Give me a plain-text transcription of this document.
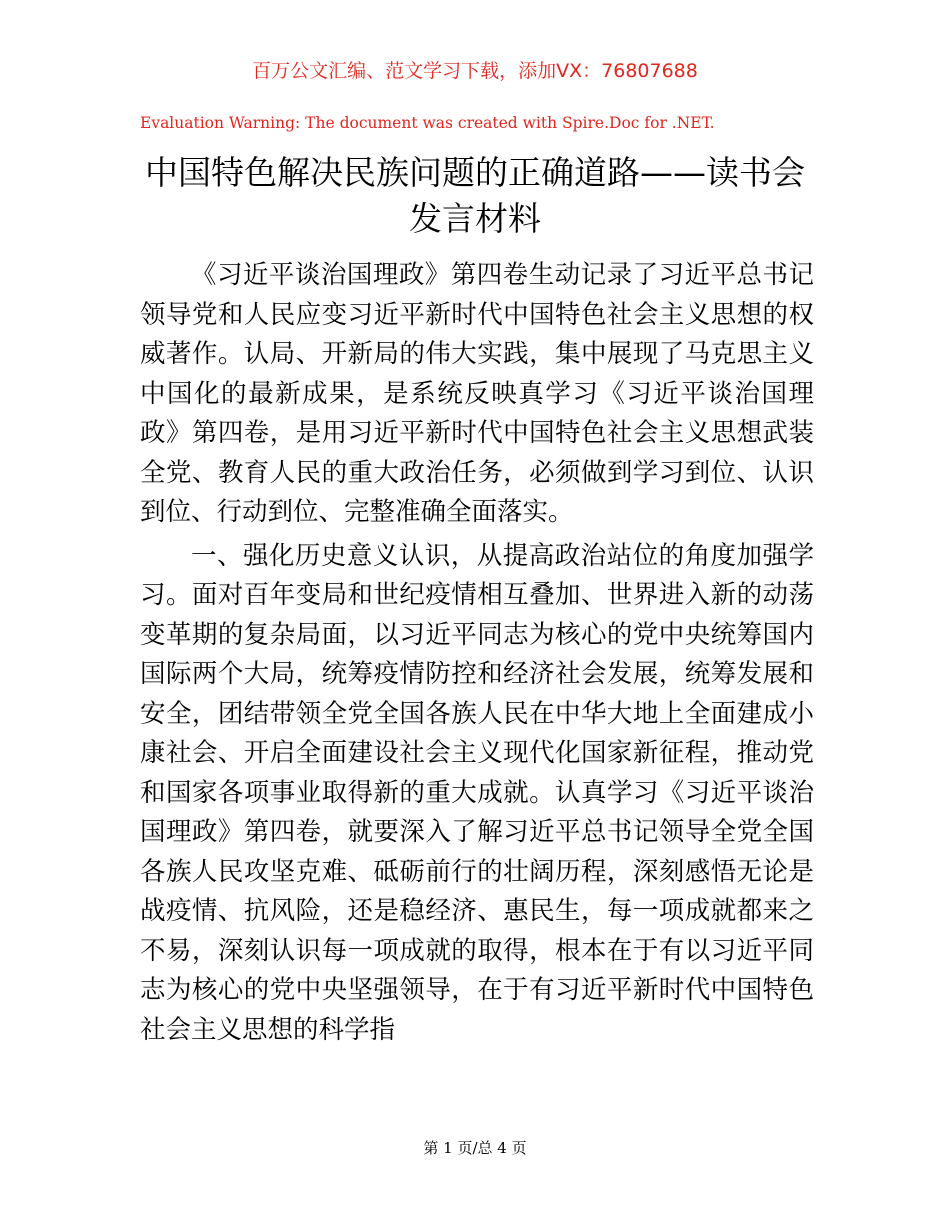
百万公文汇编、范文学习下载，添加VX：76807688
Evaluation Warning: The document was created with Spire.Doc for .NET.
中国特色解决民族问题的正确道路——读书会发言材料

《习近平谈治国理政》第四卷生动记录了习近平总书记领导党和人民应变习近平新时代中国特色社会主义思想的权威著作。认局、开新局的伟大实践，集中展现了马克思主义中国化的最新成果，是系统反映真学习《习近平谈治国理政》第四卷，是用习近平新时代中国特色社会主义思想武装全党、教育人民的重大政治任务，必须做到学习到位、认识到位、行动到位、完整准确全面落实。

一、强化历史意义认识，从提高政治站位的角度加强学习。面对百年变局和世纪疫情相互叠加、世界进入新的动荡变革期的复杂局面，以习近平同志为核心的党中央统筹国内国际两个大局，统筹疫情防控和经济社会发展，统筹发展和安全，团结带领全党全国各族人民在中华大地上全面建成小康社会、开启全面建设社会主义现代化国家新征程，推动党和国家各项事业取得新的重大成就。认真学习《习近平谈治国理政》第四卷，就要深入了解习近平总书记领导全党全国各族人民攻坚克难、砥砺前行的壮阔历程，深刻感悟无论是战疫情、抗风险，还是稳经济、惠民生，每一项成就都来之不易，深刻认识每一项成就的取得，根本在于有以习近平同志为核心的党中央坚强领导，在于有习近平新时代中国特色社会主义思想的科学指

第 1 页/总 4 页
